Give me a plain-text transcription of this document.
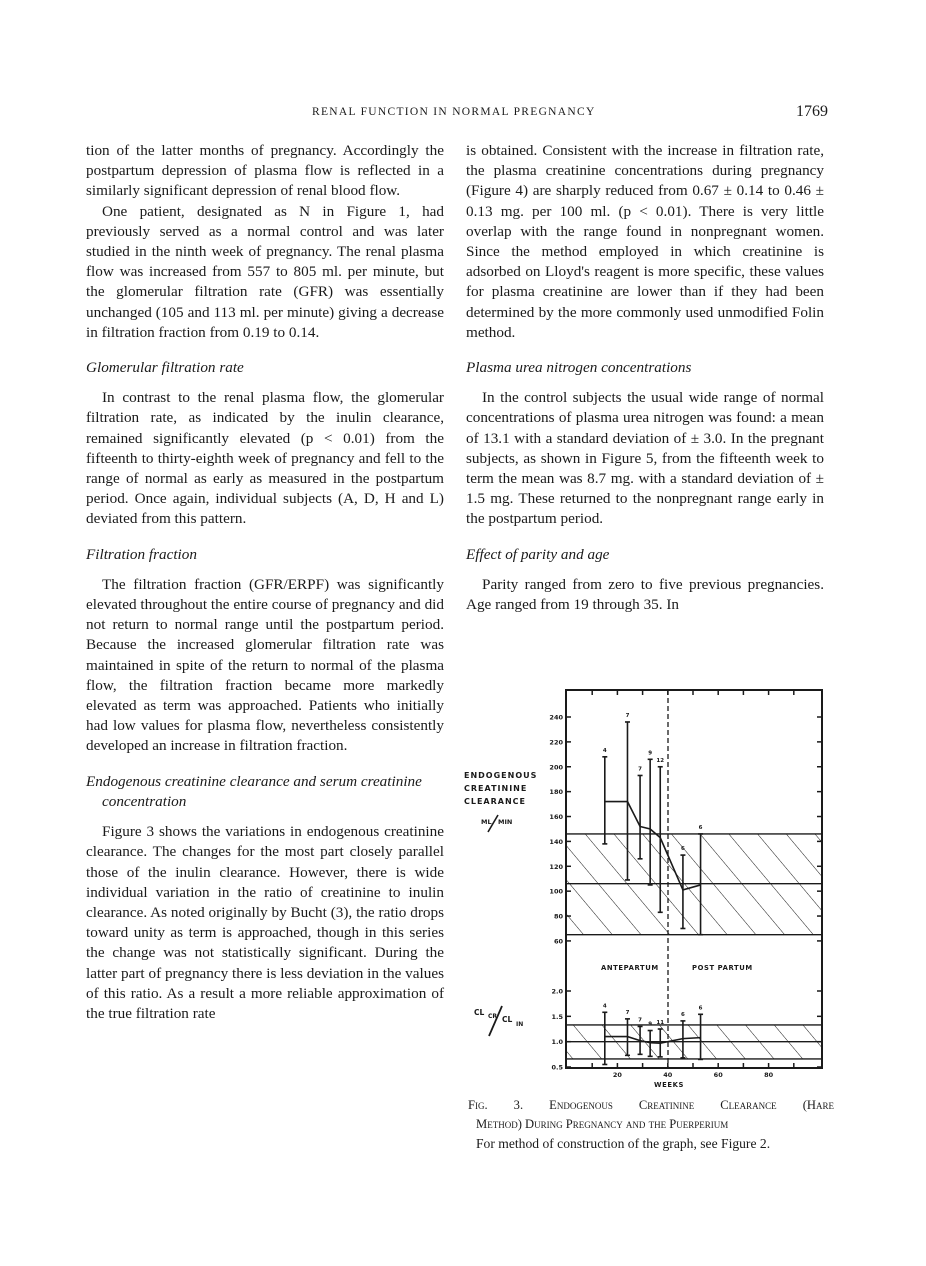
RENAL FUNCTION IN NORMAL PREGNANCY	1769

tion of the latter months of pregnancy. Accordingly the postpartum depression of plasma flow is reflected in a similarly significant depression of renal blood flow.

One patient, designated as N in Figure 1, had previously served as a normal control and was later studied in the ninth week of pregnancy. The renal plasma flow was increased from 557 to 805 ml. per minute, but the glomerular filtration rate (GFR) was essentially unchanged (105 and 113 ml. per minute) giving a decrease in filtration fraction from 0.19 to 0.14.

Glomerular filtration rate

In contrast to the renal plasma flow, the glomerular filtration rate, as indicated by the inulin clearance, remained significantly elevated (p < 0.01) from the fifteenth to thirty-eighth week of pregnancy and fell to the range of normal as early as measured in the postpartum period. Once again, individual subjects (A, D, H and L) deviated from this pattern.

Filtration fraction

The filtration fraction (GFR/ERPF) was significantly elevated throughout the entire course of pregnancy and did not return to normal range until the postpartum period. Because the increased glomerular filtration rate was maintained in spite of the return to normal of the plasma flow, the filtration fraction became more markedly elevated as term was approached. Patients who initially had low values for plasma flow, nevertheless consistently developed an increase in filtration fraction.

Endogenous creatinine clearance and serum creatinine concentration

Figure 3 shows the variations in endogenous creatinine clearance. The changes for the most part closely parallel those of the inulin clearance. However, there is wide individual variation in the ratio of creatinine to inulin clearance. As noted originally by Bucht (3), the ratio drops toward unity as term is approached, though in this series the change was not statistically significant. During the latter part of pregnancy there is less deviation in the values of this ratio. As a result a more reliable approximation of the true filtration rate

is obtained. Consistent with the increase in filtration rate, the plasma creatinine concentrations during pregnancy (Figure 4) are sharply reduced from 0.67 ± 0.14 to 0.46 ± 0.13 mg. per 100 ml. (p < 0.01). There is very little overlap with the range found in nonpregnant women. Since the method employed in which creatinine is adsorbed on Lloyd's reagent is more specific, these values for plasma creatinine are lower than if they had been determined by the more commonly used unmodified Folin method.

Plasma urea nitrogen concentrations

In the control subjects the usual wide range of normal concentrations of plasma urea nitrogen was found: a mean of 13.1 with a standard deviation of ± 3.0. In the pregnant subjects, as shown in Figure 5, from the fifteenth week to term the mean was 8.7 mg. with a standard deviation of ± 1.5 mg. These returned to the nonpregnant range early in the postpartum period.

Effect of parity and age

Parity ranged from zero to five previous pregnancies. Age ranged from 19 through 35. In

60
80
100
120
140
160
180
200
220
240
0.5
1.0
1.5
2.0
20	40	60	80
4
7
7
9
12
6
6
4
7
7
9 11
6
6
ENDOGENOUS
CREATININE
CLEARANCE
ML MIN
CL CR CL
IN
ANTEPARTUM	POST PARTUM
WEEKS
Fig. 3. Endogenous Creatinine Clearance (Hare
Method) During Pregnancy and the Puerperium
For method of construction of the graph, see Figure 2.
